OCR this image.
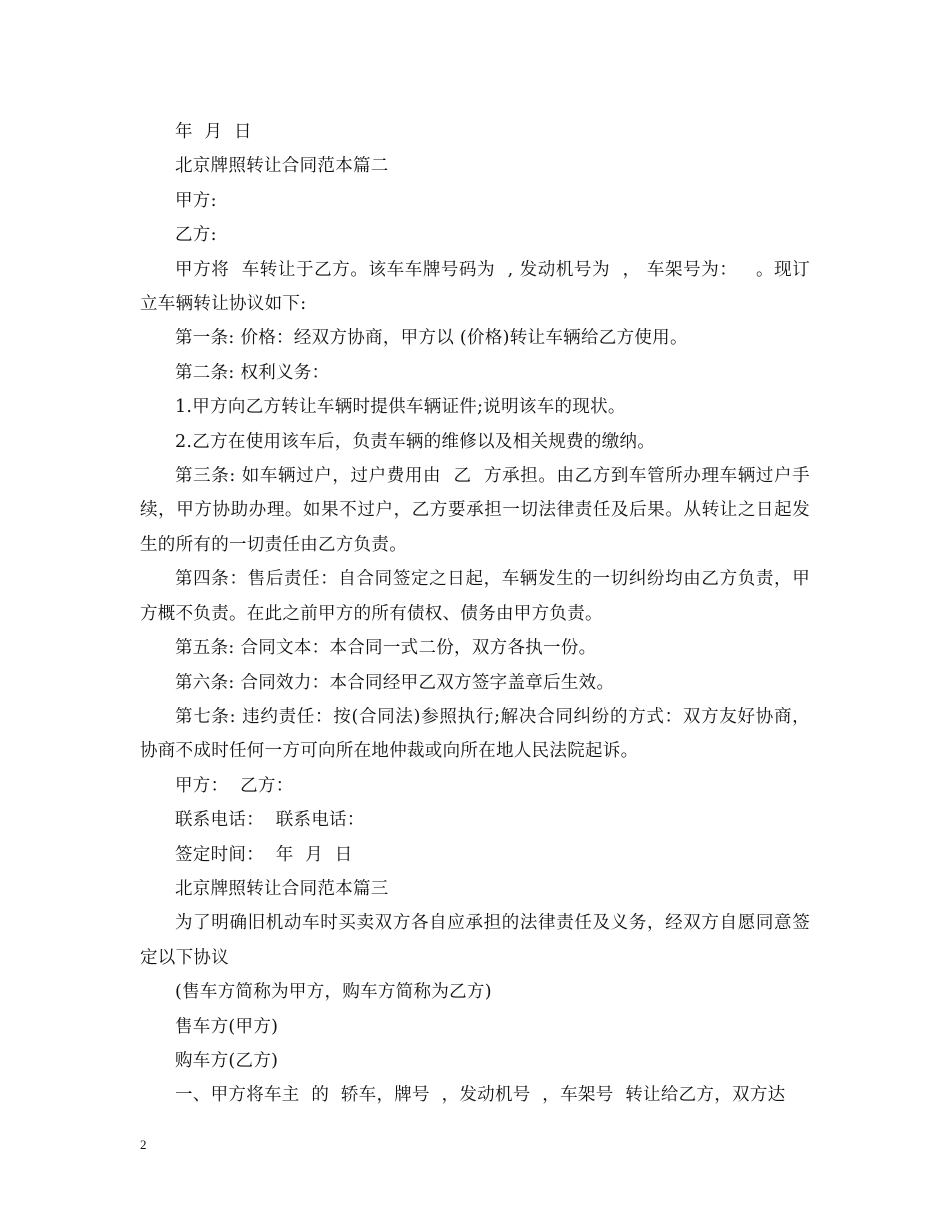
年  月  日

北京牌照转让合同范本篇二

甲方:

乙方:

甲方将  车转让于乙方。该车车牌号码为  , 发动机号为  ， 车架号为：   。现订立车辆转让协议如下:

第一条: 价格：经双方协商，甲方以 (价格)转让车辆给乙方使用。

第二条: 权利义务：

1.甲方向乙方转让车辆时提供车辆证件;说明该车的现状。

2.乙方在使用该车后，负责车辆的维修以及相关规费的缴纳。

第三条: 如车辆过户，过户费用由  乙  方承担。由乙方到车管所办理车辆过户手续，甲方协助办理。如果不过户，乙方要承担一切法律责任及后果。从转让之日起发生的所有的一切责任由乙方负责。

第四条：售后责任：自合同签定之日起，车辆发生的一切纠纷均由乙方负责，甲方概不负责。在此之前甲方的所有债权、债务由甲方负责。

第五条: 合同文本：本合同一式二份，双方各执一份。

第六条: 合同效力：本合同经甲乙双方签字盖章后生效。

第七条: 违约责任：按(合同法)参照执行;解决合同纠纷的方式：双方友好协商，协商不成时任何一方可向所在地仲裁或向所在地人民法院起诉。

甲方：  乙方：

联系电话：  联系电话：

签定时间：  年  月  日

北京牌照转让合同范本篇三

为了明确旧机动车时买卖双方各自应承担的法律责任及义务，经双方自愿同意签定以下协议

(售车方简称为甲方，购车方简称为乙方)

售车方(甲方)

购车方(乙方)

一、甲方将车主  的  轿车，牌号  ，发动机号  ，车架号  转让给乙方，双方达

2
